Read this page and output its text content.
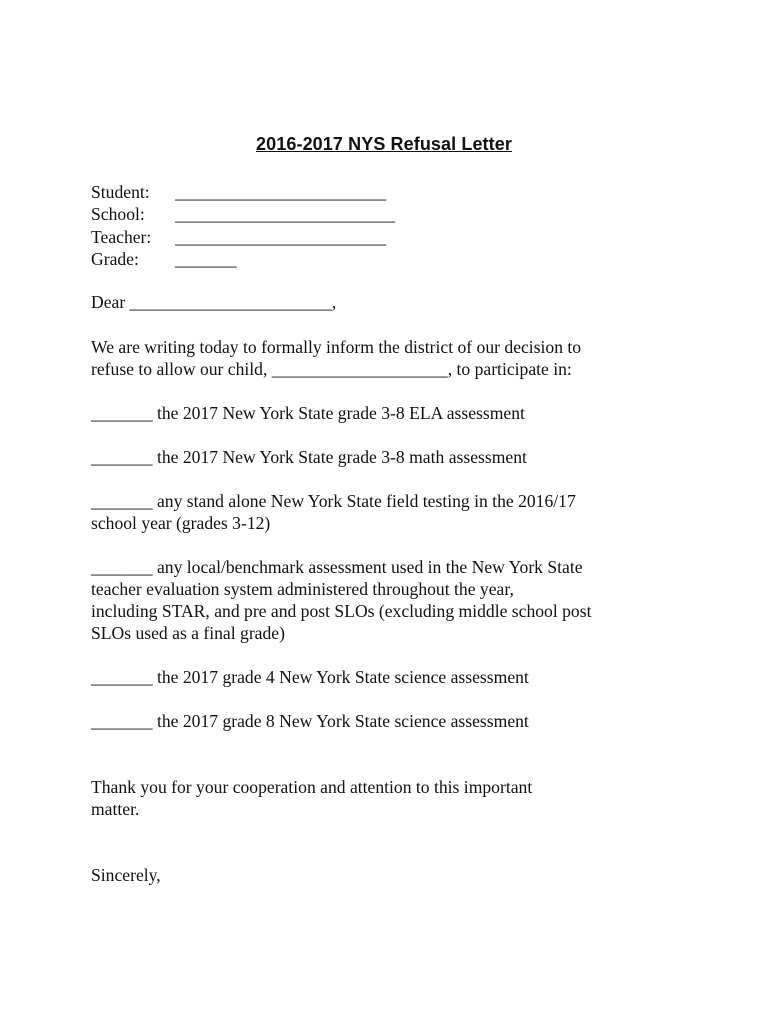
2016-2017 NYS Refusal Letter
Student: ________________________
School: _________________________
Teacher: ________________________
Grade: _______
Dear _______________________,
We are writing today to formally inform the district of our decision to
refuse to allow our child, ____________________, to participate in:
_______ the 2017 New York State grade 3-8 ELA assessment
_______ the 2017 New York State grade 3-8 math assessment
_______ any stand alone New York State field testing in the 2016/17
school year (grades 3-12)
_______ any local/benchmark assessment used in the New York State
teacher evaluation system administered throughout the year,
including STAR, and pre and post SLOs (excluding middle school post
SLOs used as a final grade)
_______ the 2017 grade 4 New York State science assessment
_______ the 2017 grade 8 New York State science assessment
Thank you for your cooperation and attention to this important
matter.
Sincerely,
